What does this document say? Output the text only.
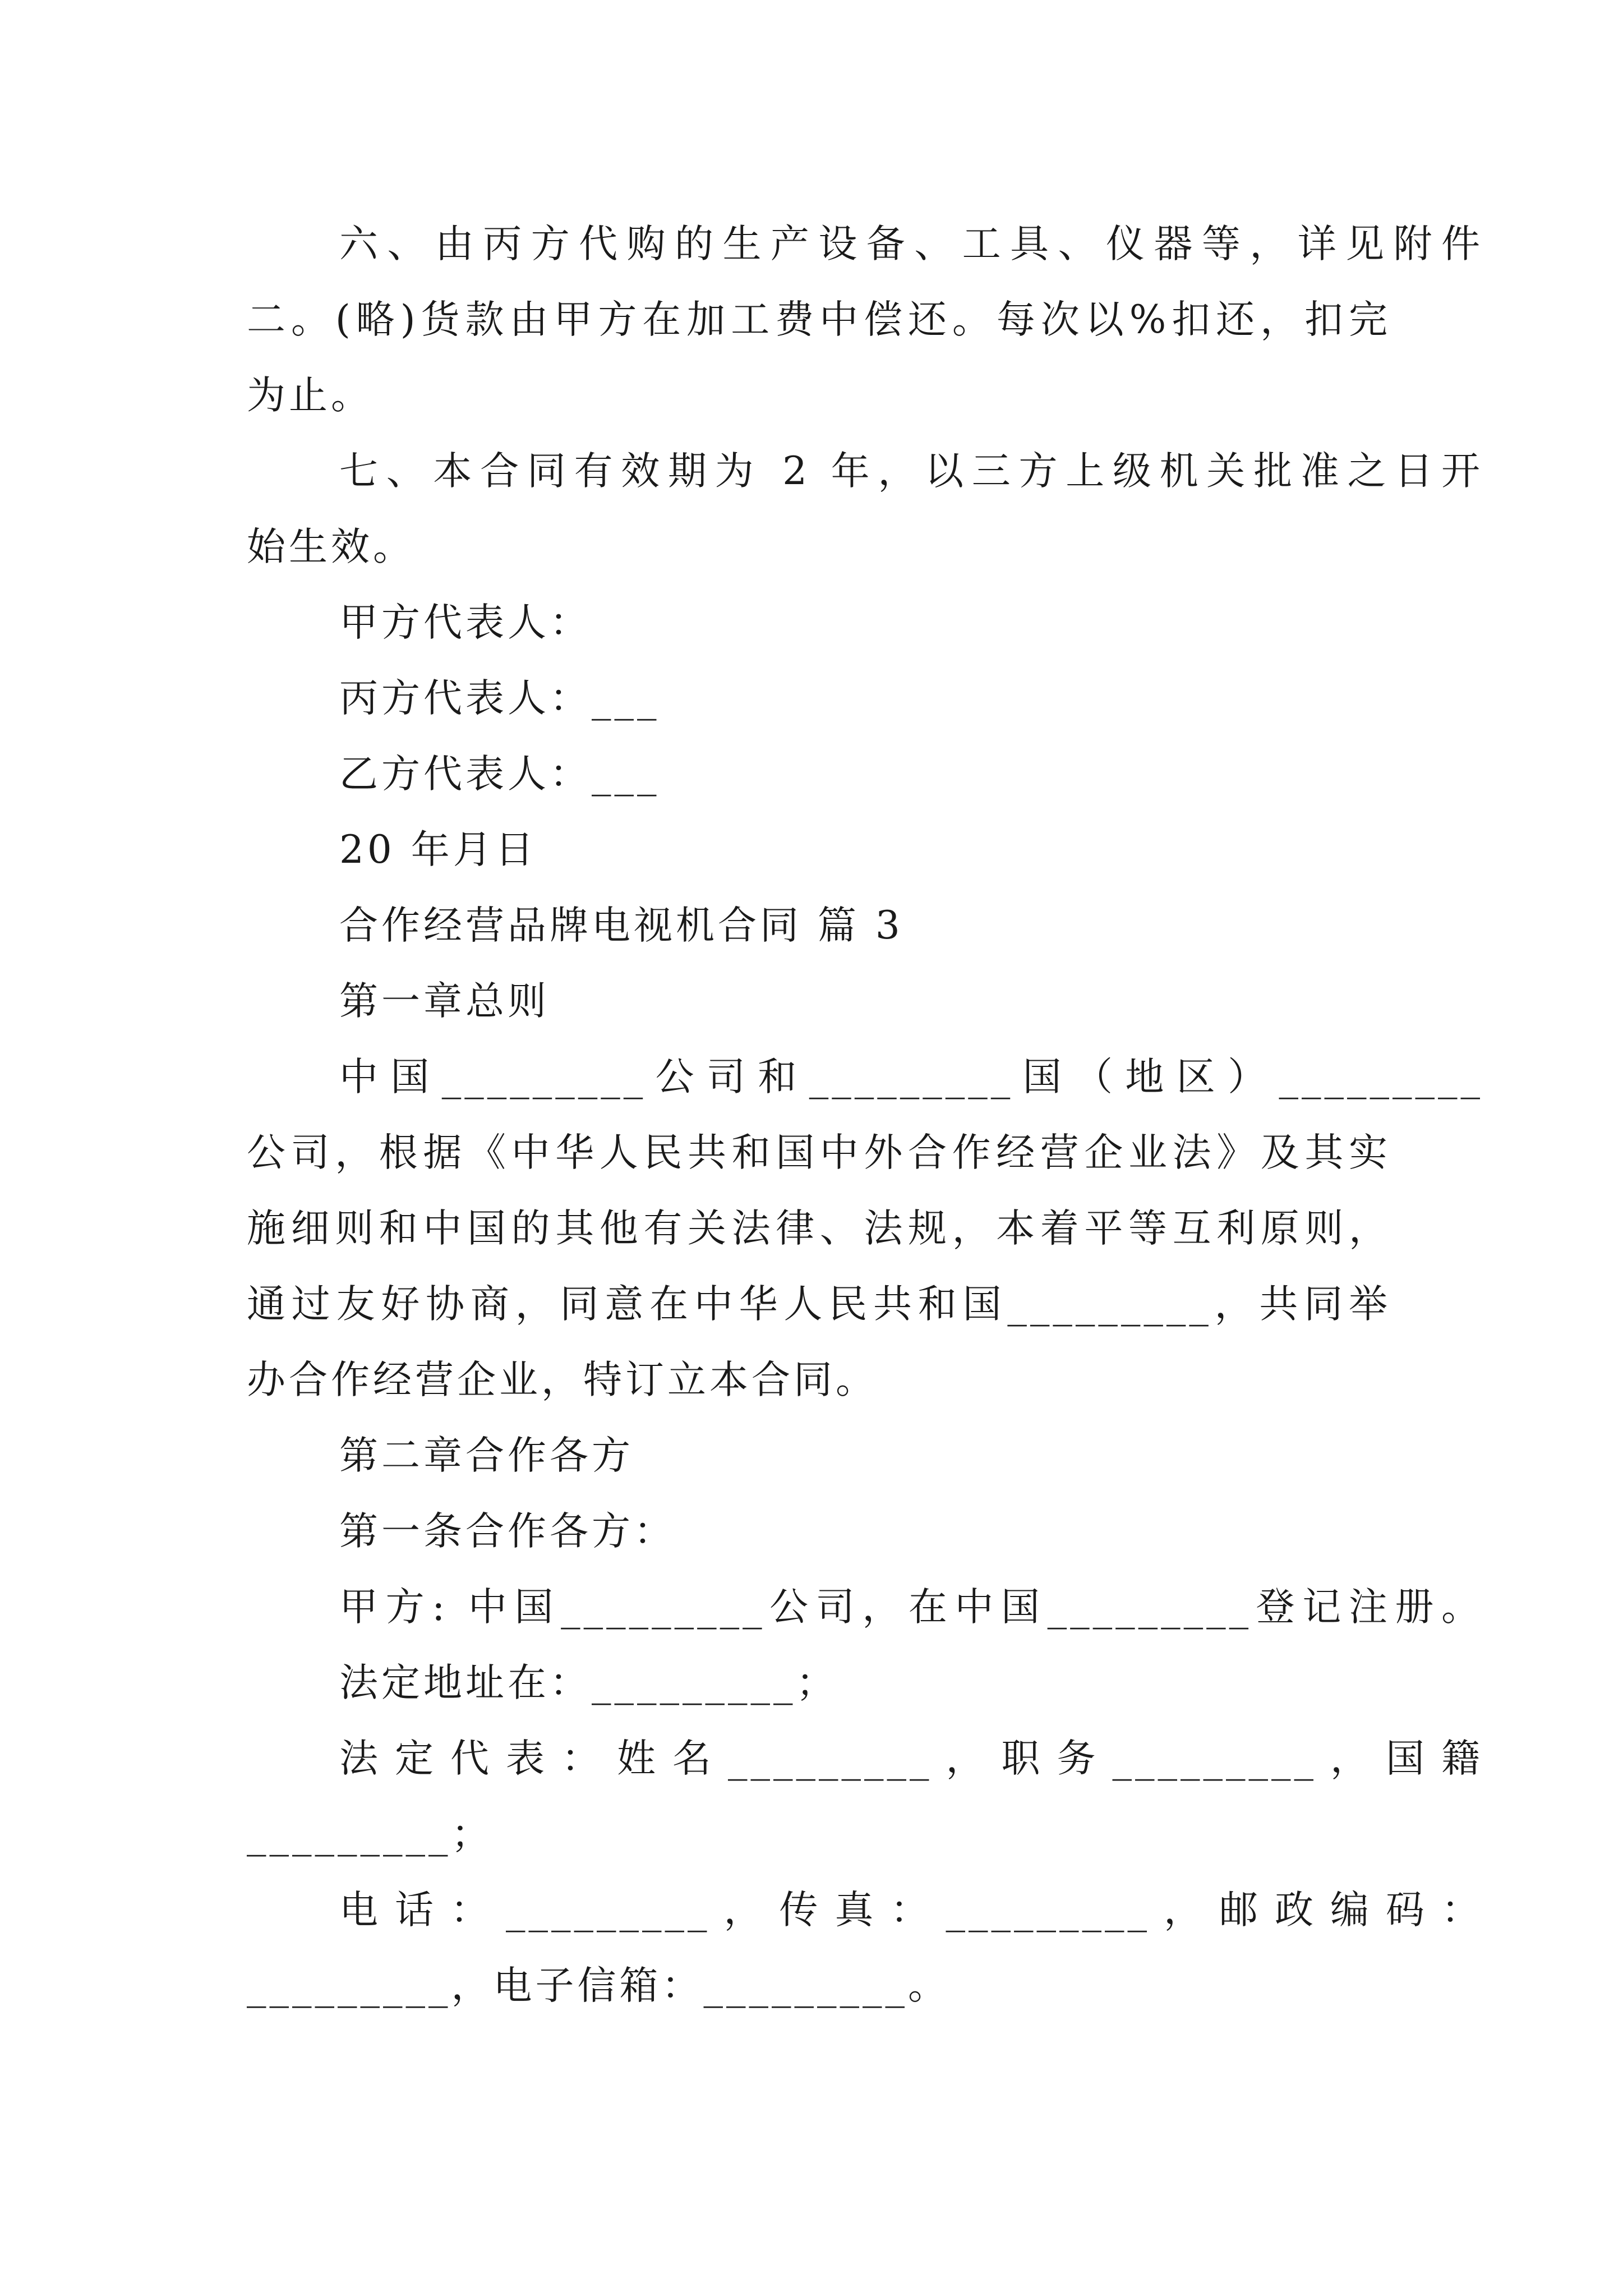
六、由丙方代购的生产设备、工具、仪器等，详见附件
二。(略)货款由甲方在加工费中偿还。每次以%扣还，扣完
为止。
七、本合同有效期为 2 年，以三方上级机关批准之日开
始生效。
甲方代表人：
丙方代表人：___
乙方代表人：___
20 年月日
合作经营品牌电视机合同 篇 3
第一章总则
中国_________公司和_________国（地区）_________
公司，根据《中华人民共和国中外合作经营企业法》及其实
施细则和中国的其他有关法律、法规，本着平等互利原则，
通过友好协商，同意在中华人民共和国_________，共同举
办合作经营企业，特订立本合同。
第二章合作各方
第一条合作各方：
甲方: 中国_________公司，在中国_________登记注册。
法定地址在：_________；
法定代表：姓名_________，职务_________，国籍
_________；
电话：_________，传真：_________，邮政编码：
_________，电子信箱：_________。
